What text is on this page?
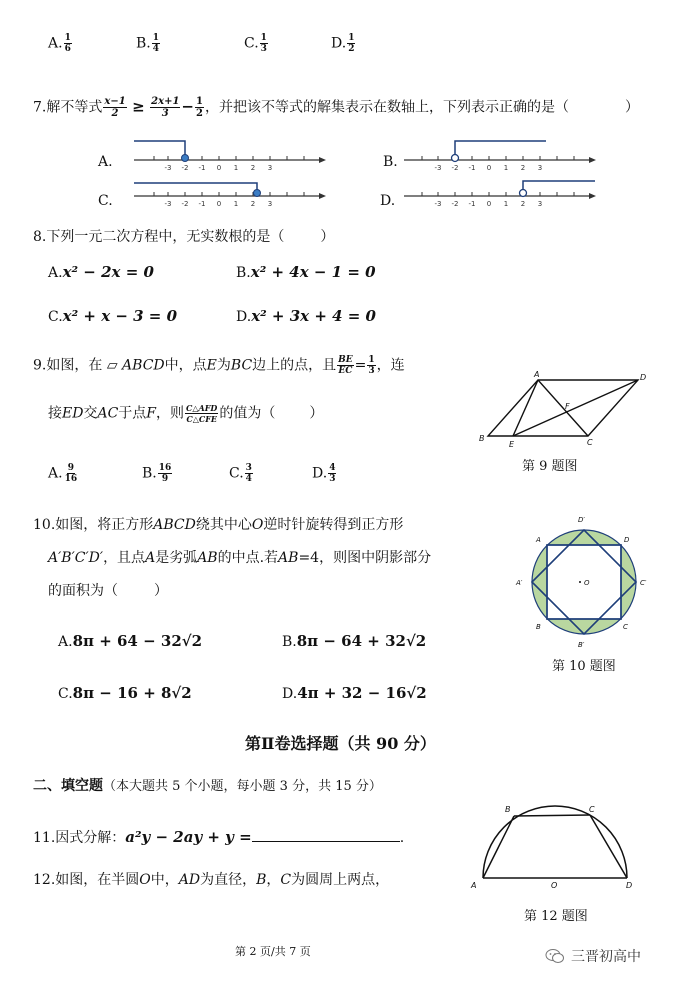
A. $\frac{1}{6}$	B. $\frac{1}{4}$	C. $\frac{1}{3}$	D. $\frac{1}{2}$
7.解不等式 $\frac{x-1}{2} \ge \frac{2x+1}{3} - \frac{1}{2}$ ，并把该不等式的解集表示在数轴上，下列表示正确的是（	）
A.	B.
C.	D.
-3 -2 -1 0 1 2 3	-3 -2 -1 0 1 2 3
-3 -2 -1 0 1 2 3	-3 -2 -1 0 1 2 3
8.下列一元二次方程中，无实数根的是（	）
A.x² − 2x = 0	B.x² + 4x − 1 = 0
C.x² + x − 3 = 0	D.x² + 3x + 4 = 0
9.如图，在 ▱ ABCD中，点E为BC边上的点，且 $\frac{BE}{EC} = \frac{1}{3}$ ，连
接ED交AC于点F，则 $\frac{\text{C△AFD}}{\text{C△CFE}}$ 的值为（ ）
A. $\frac{9}{16}$	B. $\frac{16}{9}$	C. $\frac{3}{4}$	D. $\frac{4}{3}$
A	D
F
B
E	C
第 9 题图
10.如图，将正方形ABCD绕其中心O逆时针旋转得到正方形
A′B′C′D′，且点A是劣弧AB的中点.若AB=4，则图中阴影部分
的面积为（	）
A.8π + 64 − 32√2	B.8π − 64 + 32√2
C.8π − 16 + 8√2	D.4π + 32 − 16√2
D′
A	D
A′	O	C′
B	C
B′
第 10 题图
第Ⅱ卷选择题（共 90 分）
二、填空题（本大题共 5 个小题，每小题 3 分，共 15 分）
11.因式分解：a²y − 2ay + y =	.
12.如图，在半圆O中，AD为直径，B，C为圆周上两点，
B	C
A	O	D
第 12 题图
第 2 页/共 7 页	三晋初高中
